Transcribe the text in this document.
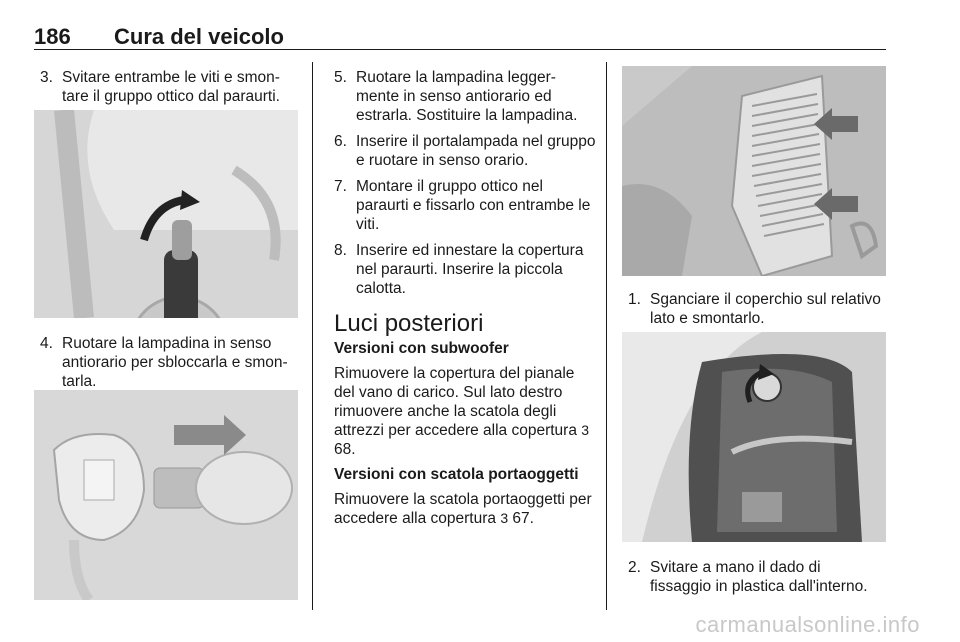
186 Cura del veicolo
3. Svitare entrambe le viti e smon-tare il gruppo ottico dal paraurti.
4. Ruotare la lampadina in senso antiorario per sbloccarla e smon-tarla.
5. Ruotare la lampadina legger-mente in senso antiorario ed estrarla. Sostituire la lampadina.
6. Inserire il portalampada nel gruppo e ruotare in senso orario.
7. Montare il gruppo ottico nel paraurti e fissarlo con entrambe le viti.
8. Inserire ed innestare la copertura nel paraurti. Inserire la piccola calotta.
Luci posteriori
Versioni con subwoofer
Rimuovere la copertura del pianale del vano di carico. Sul lato destro rimuovere anche la scatola degli attrezzi per accedere alla copertura 3 68.
Versioni con scatola portaoggetti
Rimuovere la scatola portaoggetti per accedere alla copertura 3 67.
1. Sganciare il coperchio sul relativo lato e smontarlo.
2. Svitare a mano il dado di fissaggio in plastica dall'interno.
carmanualsonline.info
